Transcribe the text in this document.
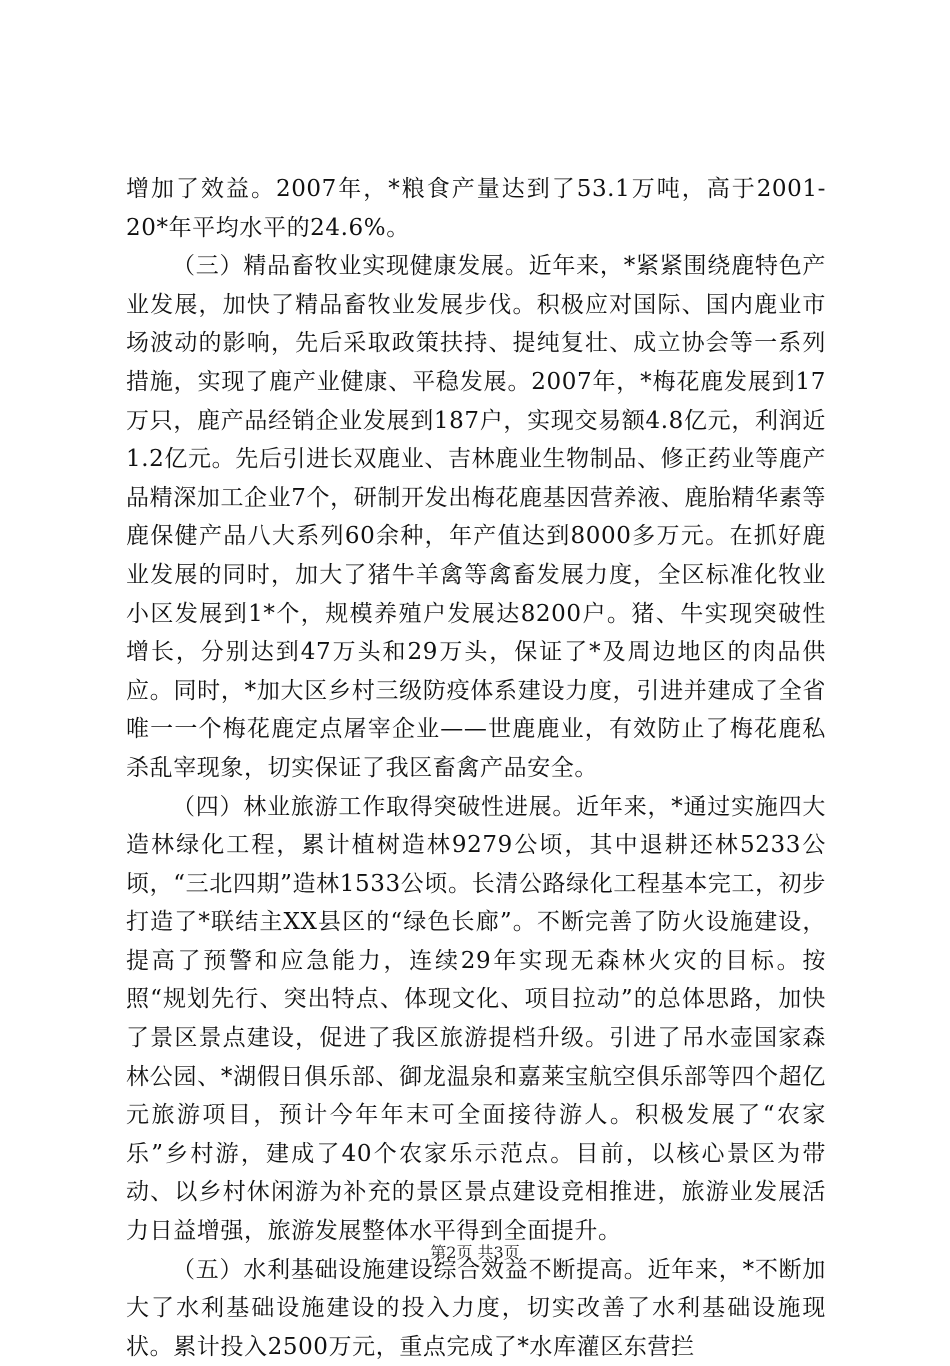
增加了效益。2007年，*粮食产量达到了53.1万吨，高于2001-20*年平均水平的24.6%。

（三）精品畜牧业实现健康发展。近年来，*紧紧围绕鹿特色产业发展，加快了精品畜牧业发展步伐。积极应对国际、国内鹿业市场波动的影响，先后采取政策扶持、提纯复壮、成立协会等一系列措施，实现了鹿产业健康、平稳发展。2007年，*梅花鹿发展到17万只，鹿产品经销企业发展到187户，实现交易额4.8亿元，利润近1.2亿元。先后引进长双鹿业、吉林鹿业生物制品、修正药业等鹿产品精深加工企业7个，研制开发出梅花鹿基因营养液、鹿胎精华素等鹿保健产品八大系列60余种，年产值达到8000多万元。在抓好鹿业发展的同时，加大了猪牛羊禽等禽畜发展力度，全区标准化牧业小区发展到1*个，规模养殖户发展达8200户。猪、牛实现突破性增长，分别达到47万头和29万头，保证了*及周边地区的肉品供应。同时，*加大区乡村三级防疫体系建设力度，引进并建成了全省唯一一个梅花鹿定点屠宰企业——世鹿鹿业，有效防止了梅花鹿私杀乱宰现象，切实保证了我区畜禽产品安全。

（四）林业旅游工作取得突破性进展。近年来，*通过实施四大造林绿化工程，累计植树造林9279公顷，其中退耕还林5233公顷，“三北四期”造林1533公顷。长清公路绿化工程基本完工，初步打造了*联结主XX县区的“绿色长廊”。不断完善了防火设施建设，提高了预警和应急能力，连续29年实现无森林火灾的目标。按照“规划先行、突出特点、体现文化、项目拉动”的总体思路，加快了景区景点建设，促进了我区旅游提档升级。引进了吊水壶国家森林公园、*湖假日俱乐部、御龙温泉和嘉莱宝航空俱乐部等四个超亿元旅游项目，预计今年年末可全面接待游人。积极发展了“农家乐”乡村游，建成了40个农家乐示范点。目前，以核心景区为带动、以乡村休闲游为补充的景区景点建设竞相推进，旅游业发展活力日益增强，旅游发展整体水平得到全面提升。

（五）水利基础设施建设综合效益不断提高。近年来，*不断加大了水利基础设施建设的投入力度，切实改善了水利基础设施现状。累计投入2500万元，重点完成了*水库灌区东营拦

第2页 共3页
